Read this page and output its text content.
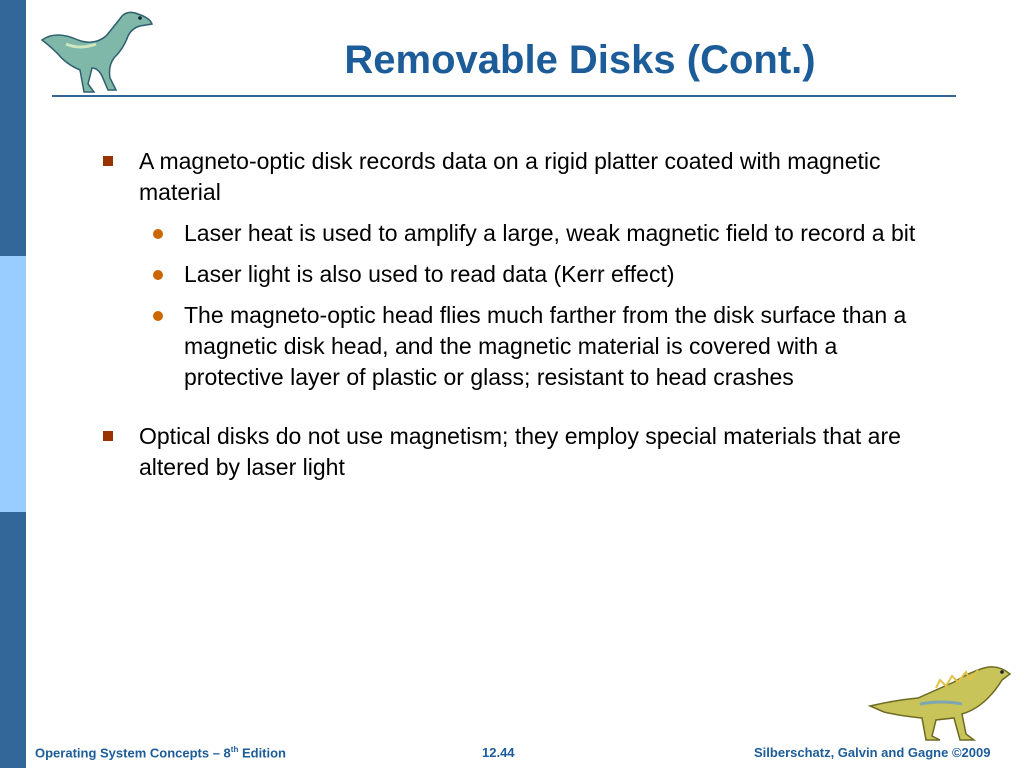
Removable Disks (Cont.)
A magneto-optic disk records data on a rigid platter coated with magnetic material
Laser heat is used to amplify a large, weak magnetic field to record a bit
Laser light is also used to read data (Kerr effect)
The magneto-optic head flies much farther from the disk surface than a magnetic disk head, and the magnetic material is covered with a protective layer of plastic or glass; resistant to head crashes
Optical disks do not use magnetism; they employ special materials that are altered by laser light
Operating System Concepts – 8th Edition	12.44	Silberschatz, Galvin and Gagne ©2009
